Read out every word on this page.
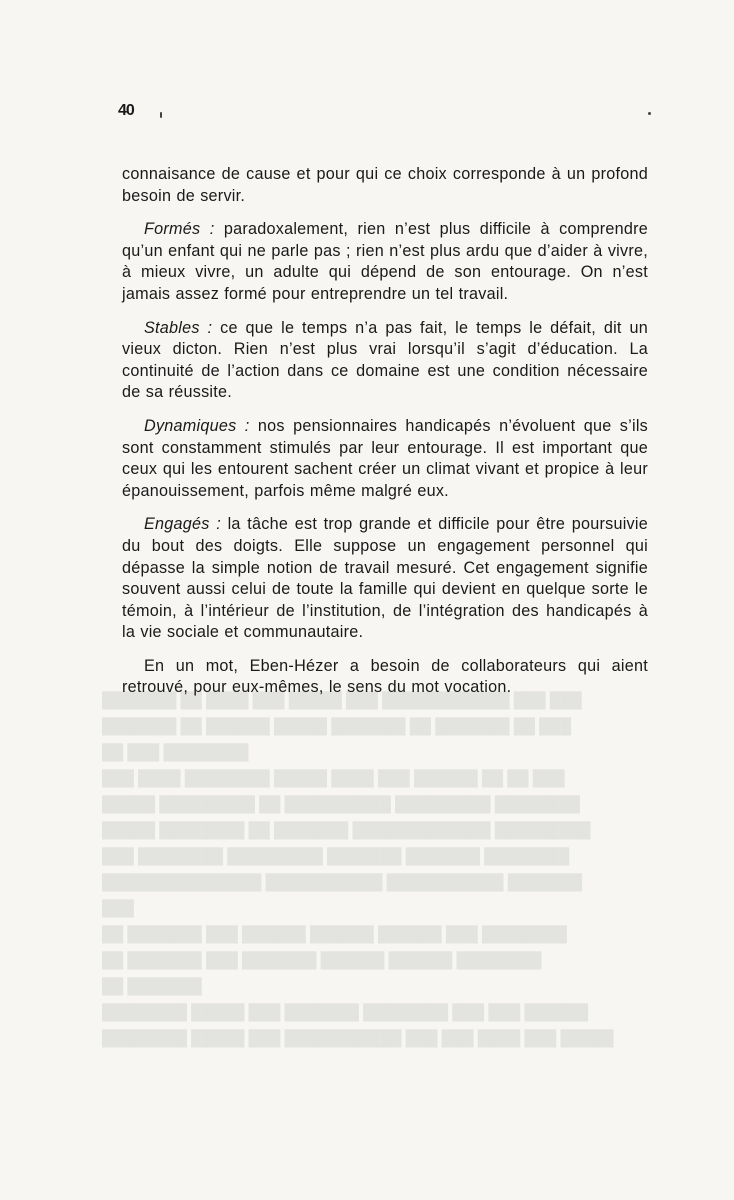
40
███████ ██ ████ ███ █████ ███ ████████████ ███ ███
███████ ██ ██████ █████ ███████ ██ ███████ ██ ███
██ ███ ████████
███ ████ ████████ █████ ████ ███ ██████ ██ ██ ███
█████ █████████ ██ ██████████ █████████ ████████
█████ ████████ ██ ███████ █████████████ █████████
███ ████████ █████████ ███████ ███████ ████████
███████████████ ███████████ ███████████ ███████
███
██ ███████ ███ ██████ ██████ ██████ ███ ████████
██ ███████ ███ ███████ ██████ ██████ ████████
██ ███████
████████ █████ ███ ███████ ████████ ███ ███ ██████
████████ █████ ███ ███████████ ███ ███ ████ ███ █████

connaisance de cause et pour qui ce choix corresponde à un profond besoin de servir.

Formés : paradoxalement, rien n’est plus difficile à comprendre qu’un enfant qui ne parle pas ; rien n’est plus ardu que d’aider à vivre, à mieux vivre, un adulte qui dépend de son entourage. On n’est jamais assez formé pour entreprendre un tel travail.

Stables : ce que le temps n’a pas fait, le temps le défait, dit un vieux dicton. Rien n’est plus vrai lorsqu’il s’agit d’éducation. La continuité de l’action dans ce domaine est une condition nécessaire de sa réussite.

Dynamiques : nos pensionnaires handicapés n’évoluent que s’ils sont constamment stimulés par leur entourage. Il est important que ceux qui les entourent sachent créer un climat vivant et propice à leur épanouissement, parfois même malgré eux.

Engagés : la tâche est trop grande et difficile pour être poursuivie du bout des doigts. Elle suppose un engagement personnel qui dépasse la simple notion de travail mesuré. Cet engagement signifie souvent aussi celui de toute la famille qui devient en quelque sorte le témoin, à l’intérieur de l’institution, de l’intégration des handicapés à la vie sociale et communautaire.

En un mot, Eben-Hézer a besoin de collaborateurs qui aient retrouvé, pour eux-mêmes, le sens du mot vocation.
